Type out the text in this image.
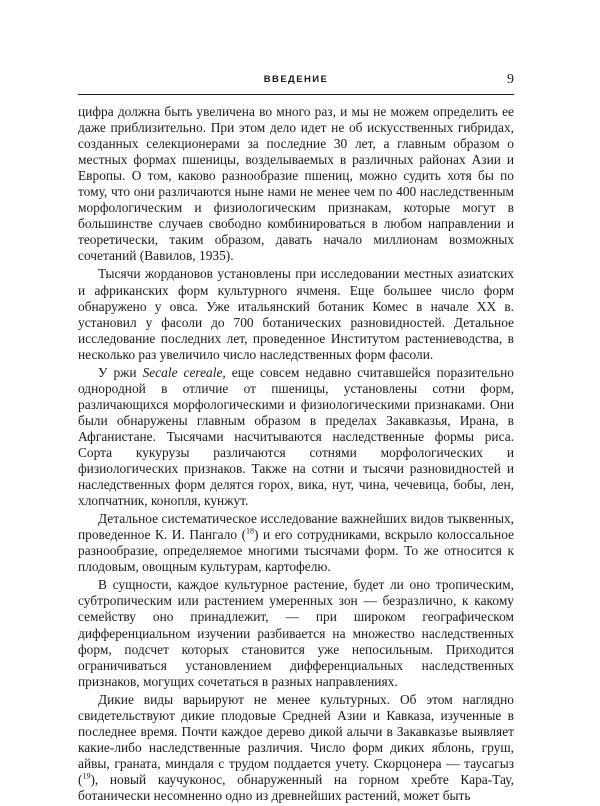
ВВЕДЕНИЕ	9

цифра должна быть увеличена во много раз, и мы не можем определить ее даже приблизительно. При этом дело идет не об искусственных гибридах, созданных селекционерами за последние 30 лет, а главным образом о местных формах пшеницы, возделываемых в различных районах Азии и Европы. О том, каково разнообразие пшениц, можно судить хотя бы по тому, что они различаются ныне нами не менее чем по 400 наследственным морфологическим и физиологическим признакам, которые могут в большинстве случаев свободно комбинироваться в любом направлении и теоретически, таким образом, давать начало миллионам возможных сочетаний (Вавилов, 1935).

Тысячи жордановов установлены при исследовании местных азиатских и африканских форм культурного ячменя. Еще большее число форм обнаружено у овса. Уже итальянский ботаник Комес в начале XX в. установил у фасоли до 700 ботанических разновидностей. Детальное исследование последних лет, проведенное Институтом растениеводства, в несколько раз увеличило число наследственных форм фасоли.

У ржи Secale cereale, еще совсем недавно считавшейся поразительно однородной в отличие от пшеницы, установлены сотни форм, различающихся морфологическими и физиологическими признаками. Они были обнаружены главным образом в пределах Закавказья, Ирана, в Афганистане. Тысячами насчитываются наследственные формы риса. Сорта кукурузы различаются сотнями морфологических и физиологических признаков. Также на сотни и тысячи разновидностей и наследственных форм делятся горох, вика, нут, чина, чечевица, бобы, лен, хлопчатник, конопля, кунжут.

Детальное систематическое исследование важнейших видов тыквенных, проведенное К. И. Пангало ($^{18}$) и его сотрудниками, вскрыло колоссальное разнообразие, определяемое многими тысячами форм. То же относится к плодовым, овощным культурам, картофелю.

В сущности, каждое культурное растение, будет ли оно тропическим, субтропическим или растением умеренных зон — безразлично, к какому семейству оно принадлежит, — при широком географическом дифференциальном изучении разбивается на множество наследственных форм, подсчет которых становится уже непосильным. Приходится ограничиваться установлением дифференциальных наследственных признаков, могущих сочетаться в разных направлениях.

Дикие виды варьируют не менее культурных. Об этом наглядно свидетельствуют дикие плодовые Средней Азии и Кавказа, изученные в последнее время. Почти каждое дерево дикой алычи в Закавказье выявляет какие-либо наследственные различия. Число форм диких яблонь, груш, айвы, граната, миндаля с трудом поддается учету. Скорцонера — таусагыз ($^{19}$), новый каучуконос, обнаруженный на горном хребте Кара-Тау, ботанически несомненно одно из древнейших растений, может быть
